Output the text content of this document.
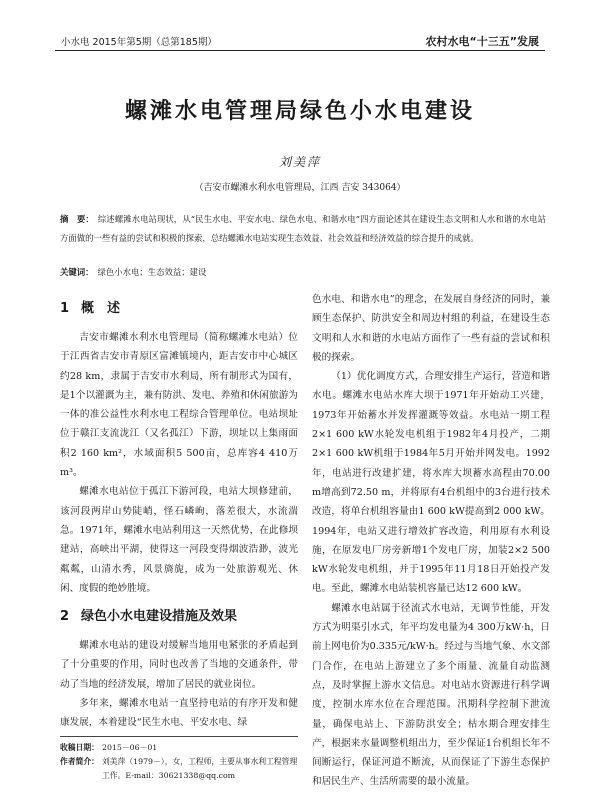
小水电 2015年第5期（总第185期）	农村水电“十三五”发展
螺滩水电管理局绿色小水电建设
刘美萍
（吉安市螺滩水利水电管理局，江西 吉安 343064）
摘　要： 综述螺滩水电站现状，从“民生水电、平安水电、绿色水电、和谐水电”四方面论述其在建设生态文明和人水和谐的水电站方面做的一些有益的尝试和积极的探索，总结螺滩水电站实现生态效益、社会效益和经济效益的综合提升的成就。
关键词： 绿色小水电；生态效益；建设
1 概　述

吉安市螺滩水利水电管理局（简称螺滩水电站）位于江西省吉安市青原区富滩镇境内，距吉安市中心城区约28 km，隶属于吉安市水利局，所有制形式为国有，是1个以灌溉为主，兼有防洪、发电、养殖和休闲旅游为一体的准公益性水利水电工程综合管理单位。电站坝址位于赣江支流泷江（又名孤江）下游，坝址以上集雨面积2 160 km²，水域面积5 500亩，总库容4 410万 m³。

螺滩水电站位于孤江下游河段，电站大坝修建前，该河段两岸山势陡峭，怪石嶙峋，落差很大，水流湍急。1971年，螺滩水电站利用这一天然优势，在此修坝建站，高峡出平湖，使得这一河段变得烟波浩渺，波光粼粼，山清水秀，风景旖旎，成为一处旅游观光、休闲、度假的绝妙胜境。

2 绿色小水电建设措施及效果

螺滩水电站的建设对缓解当地用电紧张的矛盾起到了十分重要的作用，同时也改善了当地的交通条件，带动了当地的经济发展，增加了居民的就业岗位。

多年来，螺滩水电站一直坚持电站的有序开发和健康发展，本着建设“民生水电、平安水电、绿

色水电、和谐水电”的理念，在发展自身经济的同时，兼顾生态保护、防洪安全和周边村组的利益，在建设生态文明和人水和谐的水电站方面作了一些有益的尝试和积极的探索。

（1）优化调度方式，合理安排生产运行，营造和谐水电。螺滩水电站水库大坝于1971年开始动工兴建，1973年开始蓄水并发挥灌溉等效益。水电站一期工程2×1 600 kW水轮发电机组于1982年4月投产，二期2×1 600 kW机组于1984年5月开始并网发电。1992年，电站进行改建扩建，将水库大坝蓄水高程由70.00 m增高到72.50 m，并将原有4台机组中的3台进行技术改造，将单台机组容量由1 600 kW提高到2 000 kW。1994年，电站又进行增效扩容改造，利用原有水利设施，在原发电厂房旁新增1个发电厂房，加装2×2 500 kW水轮发电机组，并于1995年11月18日开始投产发电。至此，螺滩水电站装机容量已达12 600 kW。

螺滩水电站属于径流式水电站，无调节性能，开发方式为明渠引水式，年平均发电量为4 300万kW·h，日前上网电价为0.335元/kW·h。经过与当地气象、水文部门合作，在电站上游建立了多个雨量、流量自动监测点，及时掌握上游水文信息。对电站水资源进行科学调度，控制水库水位在合理范围。汛期科学控制下泄流量，确保电站上、下游防洪安全；枯水期合理安排生产，根据来水量调整机组出力，至少保证1台机组长年不间断运行，保证河道不断流，从而保证了下游生态保护和居民生产、生活所需要的最小流量。

收稿日期： 2015－06－01
作者简介： 刘美萍（1979－），女，工程师，主要从事水利工程管理工作。E-mail：30621338@qq.com
